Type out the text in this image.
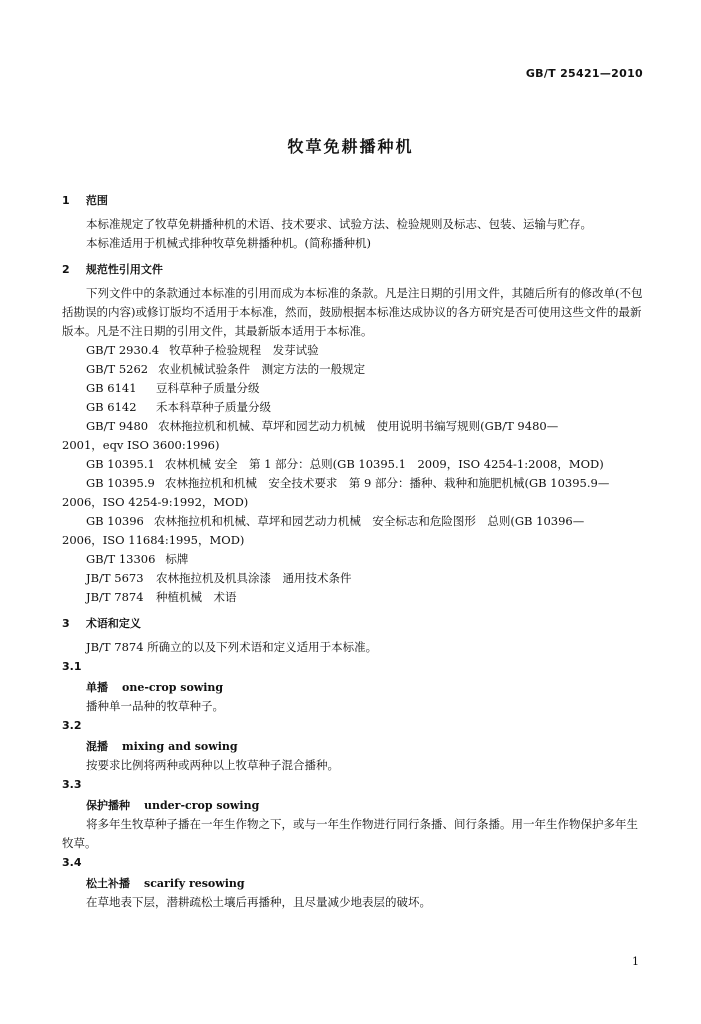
GB/T 25421—2010
牧草免耕播种机
1 范围
本标准规定了牧草免耕播种机的术语、技术要求、试验方法、检验规则及标志、包装、运输与贮存。
本标准适用于机械式排种牧草免耕播种机。(简称播种机)
2 规范性引用文件
下列文件中的条款通过本标准的引用而成为本标准的条款。凡是注日期的引用文件，其随后所有的修改单(不包括勘误的内容)或修订版均不适用于本标准，然而，鼓励根据本标准达成协议的各方研究是否可使用这些文件的最新版本。凡是不注日期的引用文件，其最新版本适用于本标准。
GB/T 2930.4 牧草种子检验规程　发芽试验
GB/T 5262 农业机械试验条件　测定方法的一般规定
GB 6141 豆科草种子质量分级
GB 6142 禾本科草种子质量分级
GB/T 9480 农林拖拉机和机械、草坪和园艺动力机械　使用说明书编写规则(GB/T 9480—
2001，eqv ISO 3600:1996)
GB 10395.1 农林机械 安全　第 1 部分：总则(GB 10395.1　2009，ISO 4254-1:2008，MOD)
GB 10395.9 农林拖拉机和机械　安全技术要求　第 9 部分：播种、栽种和施肥机械(GB 10395.9—
2006，ISO 4254-9:1992，MOD)
GB 10396 农林拖拉机和机械、草坪和园艺动力机械　安全标志和危险图形　总则(GB 10396—
2006，ISO 11684:1995，MOD)
GB/T 13306 标牌
JB/T 5673 农林拖拉机及机具涂漆　通用技术条件
JB/T 7874 种植机械　术语
3 术语和定义
JB/T 7874 所确立的以及下列术语和定义适用于本标准。
3.1
单播 one-crop sowing
播种单一品种的牧草种子。
3.2
混播 mixing and sowing
按要求比例将两种或两种以上牧草种子混合播种。
3.3
保护播种 under-crop sowing
将多年生牧草种子播在一年生作物之下，或与一年生作物进行同行条播、间行条播。用一年生作物保护多年生牧草。
3.4
松土补播 scarify resowing
在草地表下层，潜耕疏松土壤后再播种，且尽量减少地表层的破坏。
1
